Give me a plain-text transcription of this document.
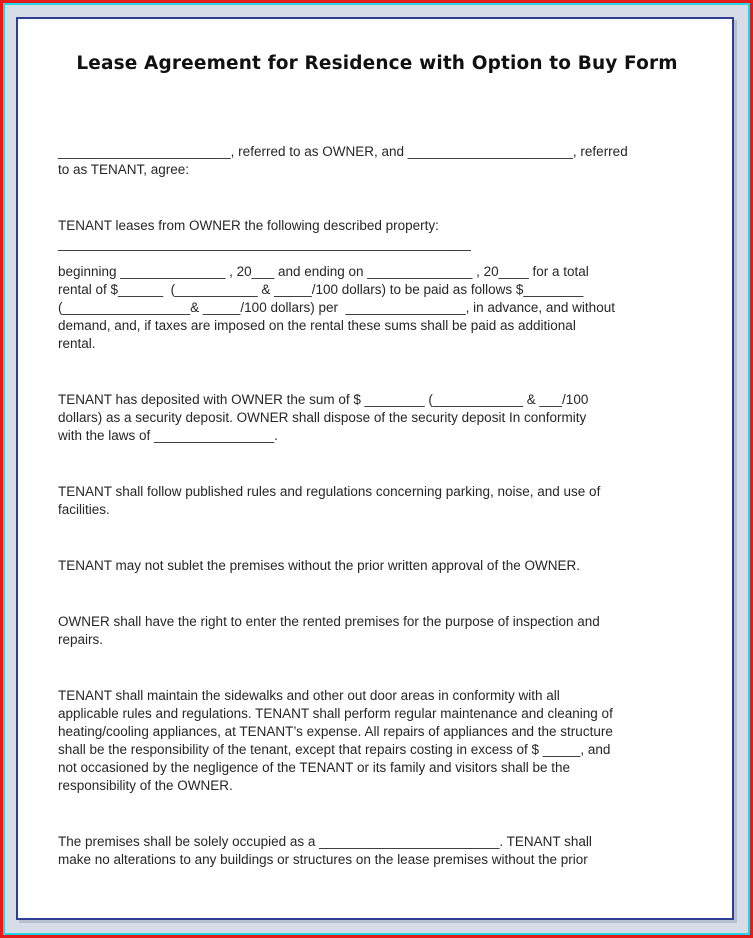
Lease Agreement for Residence with Option to Buy Form

_______________________, referred to as OWNER, and ______________________, referred
to as TENANT, agree:

TENANT leases from OWNER the following described property:
_______________________________________________________

beginning ______________ , 20___ and ending on ______________ , 20____ for a total
rental of $______  (___________ & _____/100 dollars) to be paid as follows $________
(_________________& _____/100 dollars) per  ________________, in advance, and without
demand, and, if taxes are imposed on the rental these sums shall be paid as additional
rental.

TENANT has deposited with OWNER the sum of $ ________ (____________ & ___/100
dollars) as a security deposit. OWNER shall dispose of the security deposit In conformity
with the laws of ________________.

TENANT shall follow published rules and regulations concerning parking, noise, and use of
facilities.

TENANT may not sublet the premises without the prior written approval of the OWNER.

OWNER shall have the right to enter the rented premises for the purpose of inspection and
repairs.

TENANT shall maintain the sidewalks and other out door areas in conformity with all
applicable rules and regulations. TENANT shall perform regular maintenance and cleaning of
heating/cooling appliances, at TENANT’s expense. All repairs of appliances and the structure
shall be the responsibility of the tenant, except that repairs costing in excess of $ _____, and
not occasioned by the negligence of the TENANT or its family and visitors shall be the
responsibility of the OWNER.

The premises shall be solely occupied as a ________________________. TENANT shall
make no alterations to any buildings or structures on the lease premises without the prior
